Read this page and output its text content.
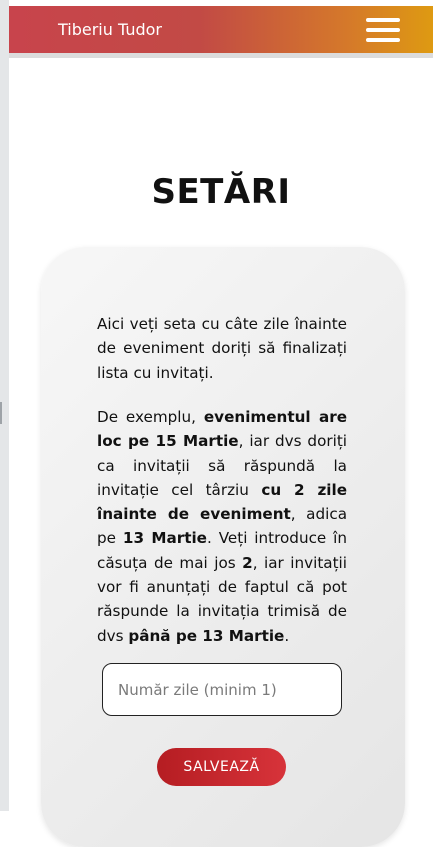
Tiberiu Tudor
SETĂRI

Aici veți seta cu câte zile înainte de eveniment doriți să finalizați lista cu invitați.

De exemplu, evenimentul are loc pe 15 Martie, iar dvs doriți ca invitații să răspundă la invitație cel târziu cu 2 zile înainte de eveniment, adica pe 13 Martie. Veți introduce în căsuța de mai jos 2, iar invitații vor fi anunțați de faptul că pot răspunde la invitația trimisă de dvs până pe 13 Martie.

Număr zile (minim 1)
SALVEAZĂ
